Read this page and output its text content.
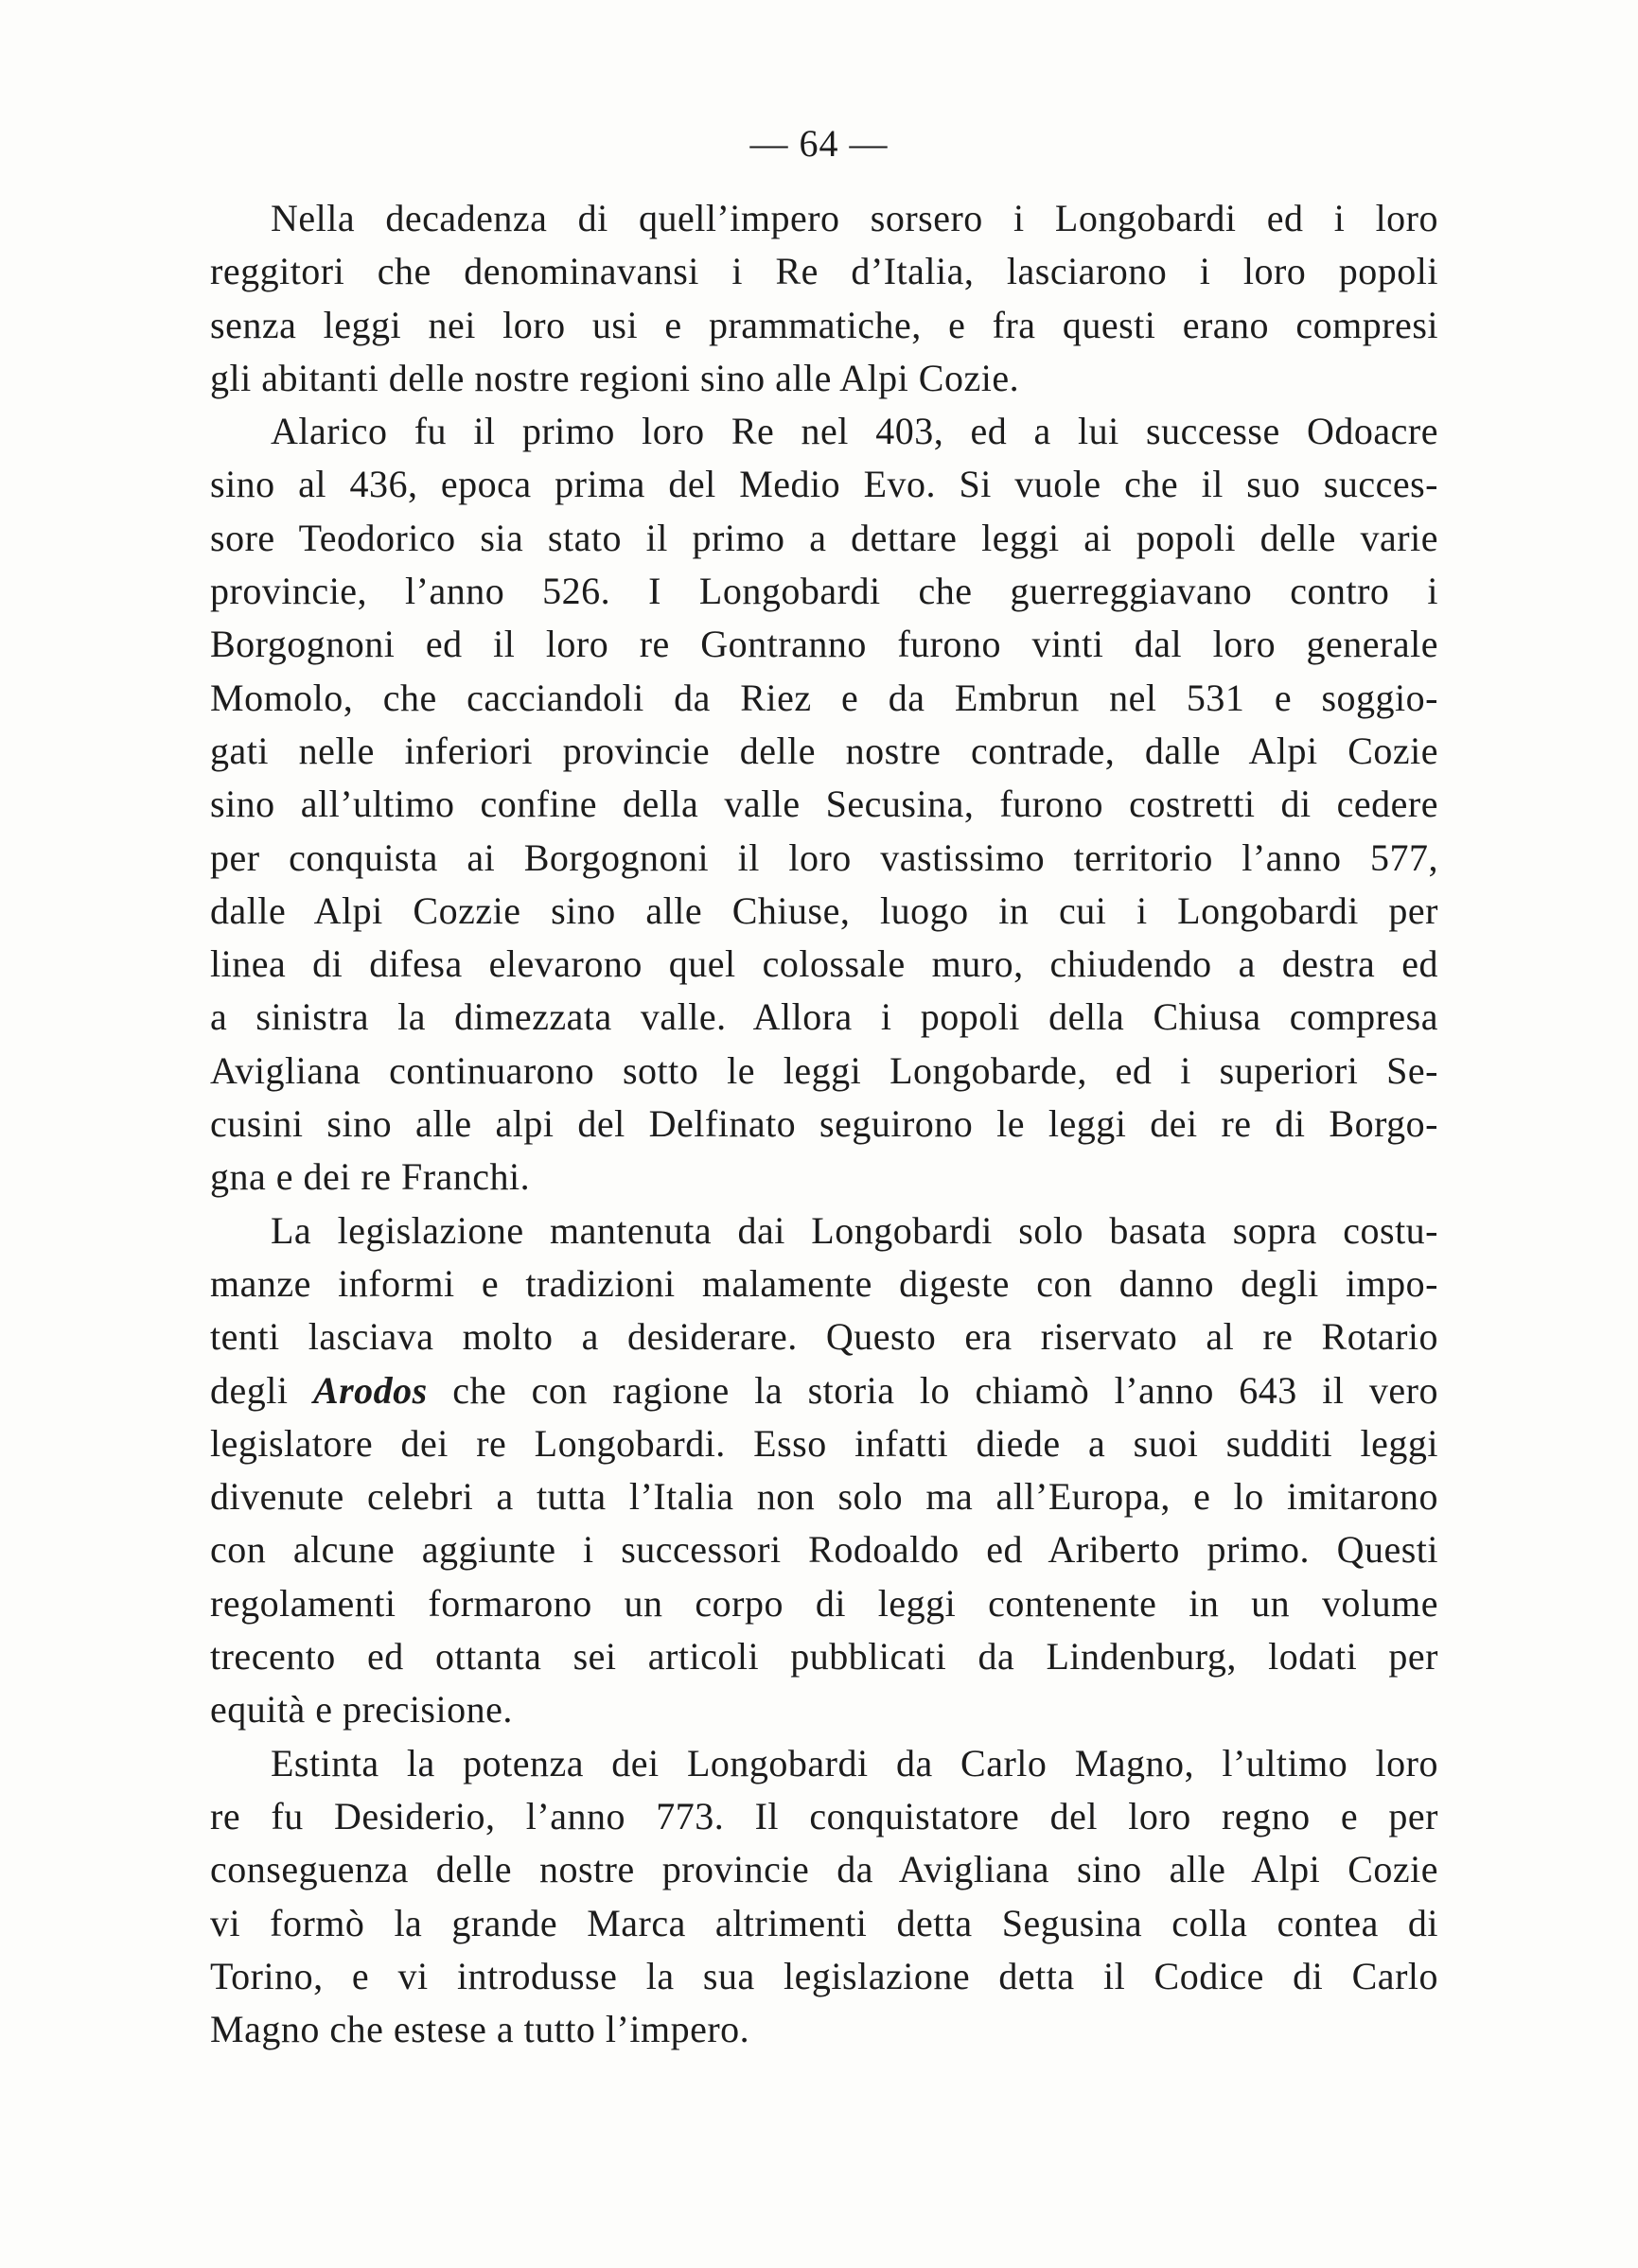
— 64 —
Nella decadenza di quell’impero sorsero i Longobardi ed i loro
reggitori che denominavansi i Re d’Italia, lasciarono i loro popoli
senza leggi nei loro usi e prammatiche, e fra questi erano compresi
gli abitanti delle nostre regioni sino alle Alpi Cozie.
Alarico fu il primo loro Re nel 403, ed a lui successe Odoacre
sino al 436, epoca prima del Medio Evo. Si vuole che il suo succes-
sore Teodorico sia stato il primo a dettare leggi ai popoli delle varie
provincie, l’anno 526. I Longobardi che guerreggiavano contro i
Borgognoni ed il loro re Gontranno furono vinti dal loro generale
Momolo, che cacciandoli da Riez e da Embrun nel 531 e soggio-
gati nelle inferiori provincie delle nostre contrade, dalle Alpi Cozie
sino all’ultimo confine della valle Secusina, furono costretti di cedere
per conquista ai Borgognoni il loro vastissimo territorio l’anno 577,
dalle Alpi Cozzie sino alle Chiuse, luogo in cui i Longobardi per
linea di difesa elevarono quel colossale muro, chiudendo a destra ed
a sinistra la dimezzata valle. Allora i popoli della Chiusa compresa
Avigliana continuarono sotto le leggi Longobarde, ed i superiori Se-
cusini sino alle alpi del Delfinato seguirono le leggi dei re di Borgo-
gna e dei re Franchi.
La legislazione mantenuta dai Longobardi solo basata sopra costu-
manze informi e tradizioni malamente digeste con danno degli impo-
tenti lasciava molto a desiderare. Questo era riservato al re Rotario
degli Arodos che con ragione la storia lo chiamò l’anno 643 il vero
legislatore dei re Longobardi. Esso infatti diede a suoi sudditi leggi
divenute celebri a tutta l’Italia non solo ma all’Europa, e lo imitarono
con alcune aggiunte i successori Rodoaldo ed Ariberto primo. Questi
regolamenti formarono un corpo di leggi contenente in un volume
trecento ed ottanta sei articoli pubblicati da Lindenburg, lodati per
equità e precisione.
Estinta la potenza dei Longobardi da Carlo Magno, l’ultimo loro
re fu Desiderio, l’anno 773. Il conquistatore del loro regno e per
conseguenza delle nostre provincie da Avigliana sino alle Alpi Cozie
vi formò la grande Marca altrimenti detta Segusina colla contea di
Torino, e vi introdusse la sua legislazione detta il Codice di Carlo
Magno che estese a tutto l’impero.
